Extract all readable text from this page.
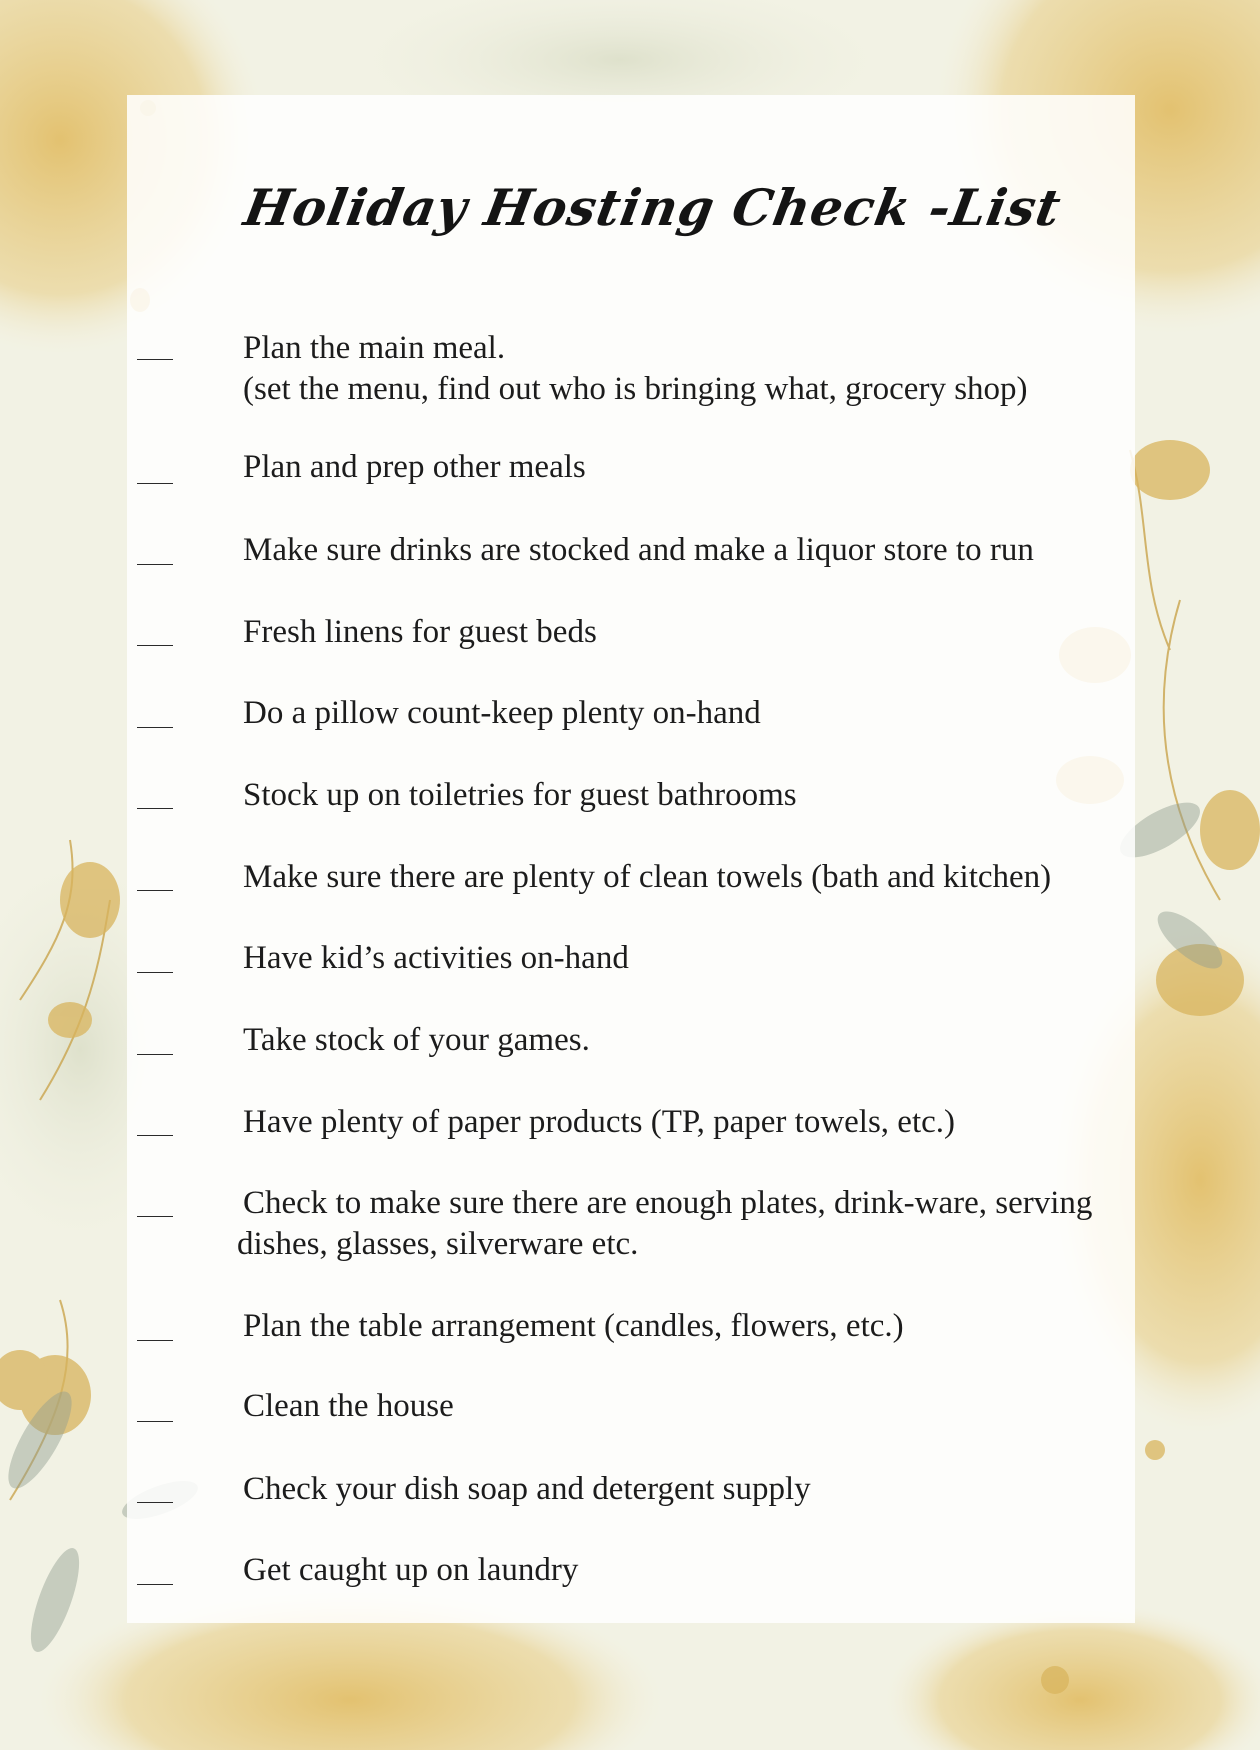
Holiday Hosting Check -List
Plan the main meal.
(set the menu, find out who is bringing what, grocery shop)
Plan and prep other meals
Make sure drinks are stocked and make a liquor store to run
Fresh linens for guest beds
Do a pillow count-keep plenty on-hand
Stock up on toiletries for guest bathrooms
Make sure there are plenty of clean towels (bath and kitchen)
Have kid’s activities on-hand
Take stock of your games.
Have plenty of paper products (TP, paper towels, etc.)
Check to make sure there are enough plates, drink-ware, serving
dishes, glasses, silverware etc.
Plan the table arrangement (candles, flowers, etc.)
Clean the house
Check your dish soap and detergent supply
Get caught up on laundry
